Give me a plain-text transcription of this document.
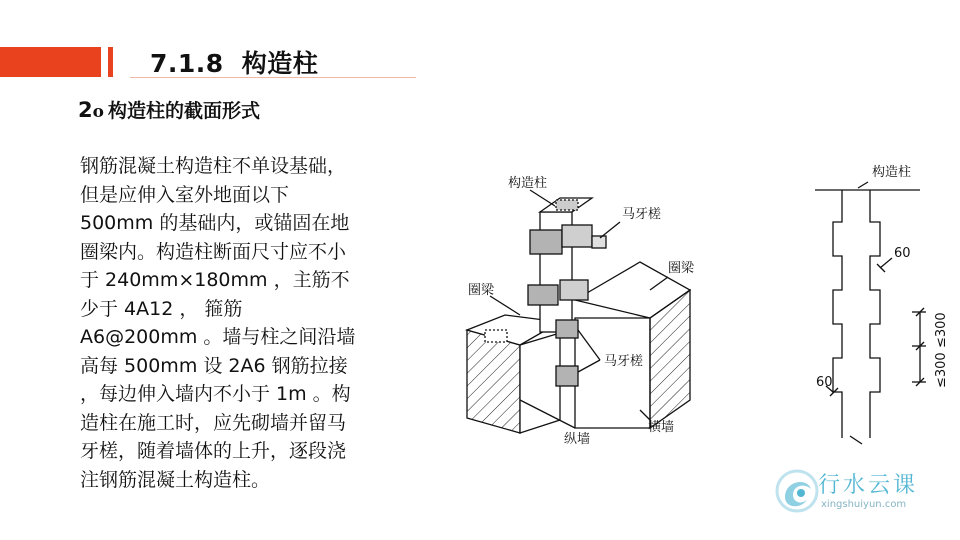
7.1.8 构造柱
2o 构造柱的截面形式
钢筋混凝土构造柱不单设基础，
但是应伸入室外地面以下
500mm 的基础内，或锚固在地
圈梁内。构造柱断面尺寸应不小
于 240mm×180mm ，主筋不
少于 4A12 ， 箍筋
A6@200mm 。墙与柱之间沿墙
高每 500mm 设 2A6 钢筋拉接
，每边伸入墙内不小于 1m 。构
造柱在施工时，应先砌墙并留马
牙槎，随着墙体的上升，逐段浇
注钢筋混凝土构造柱。
构造柱
马牙槎
圈梁
圈梁
马牙槎
纵墙
横墙
构造柱
60
60
≤300
≤300
行水云课
xingshuiyun.com
